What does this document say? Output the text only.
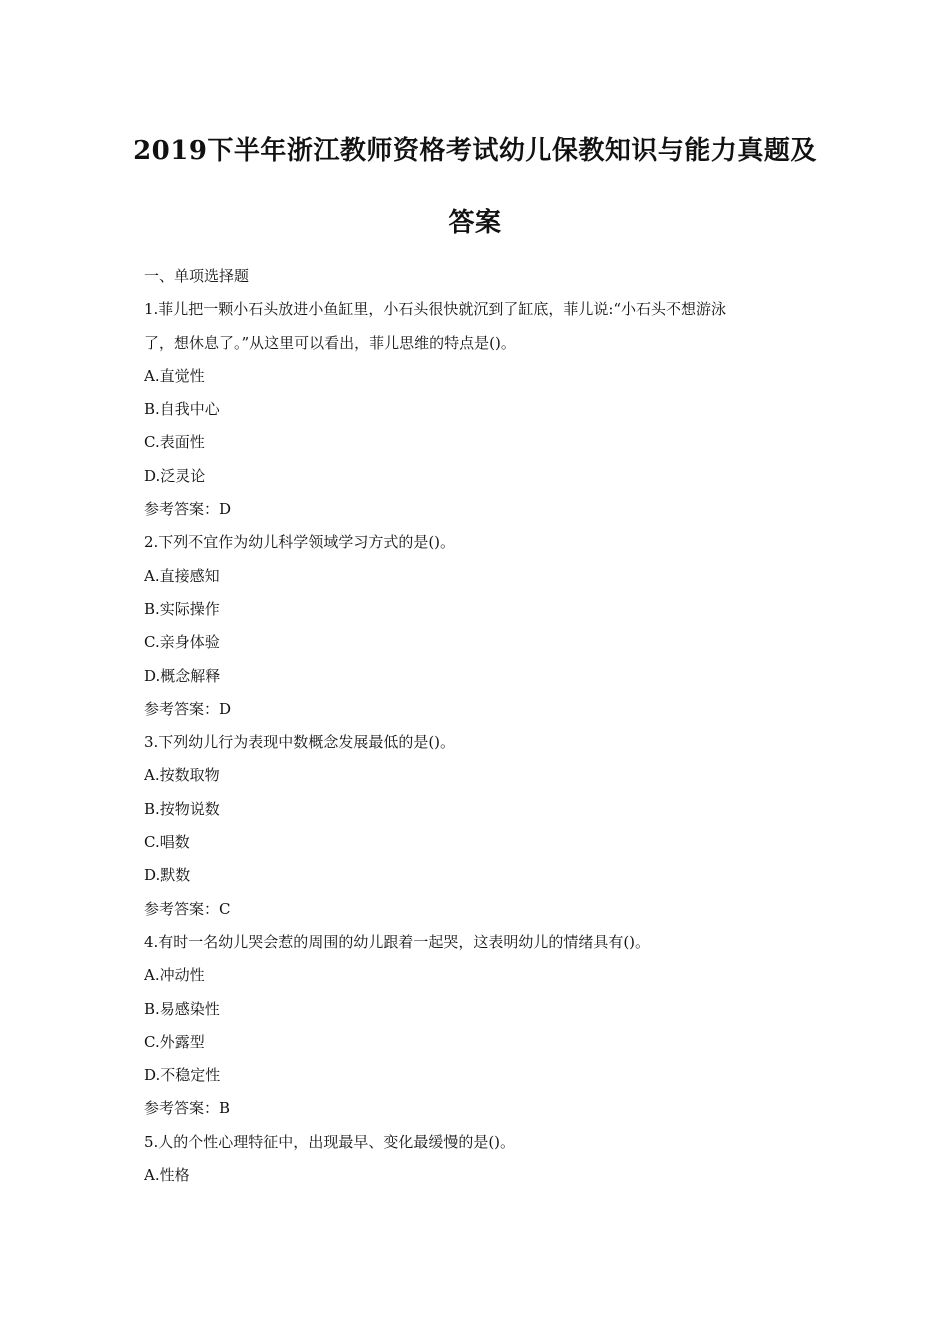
2019下半年浙江教师资格考试幼儿保教知识与能力真题及
答案
一、单项选择题
1.菲儿把一颗小石头放进小鱼缸里，小石头很快就沉到了缸底，菲儿说:“小石头不想游泳
了，想休息了。”从这里可以看出，菲儿思维的特点是()。
A.直觉性
B.自我中心
C.表面性
D.泛灵论
参考答案：D
2.下列不宜作为幼儿科学领域学习方式的是()。
A.直接感知
B.实际操作
C.亲身体验
D.概念解释
参考答案：D
3.下列幼儿行为表现中数概念发展最低的是()。
A.按数取物
B.按物说数
C.唱数
D.默数
参考答案：C
4.有时一名幼儿哭会惹的周围的幼儿跟着一起哭，这表明幼儿的情绪具有()。
A.冲动性
B.易感染性
C.外露型
D.不稳定性
参考答案：B
5.人的个性心理特征中，出现最早、变化最缓慢的是()。
A.性格
